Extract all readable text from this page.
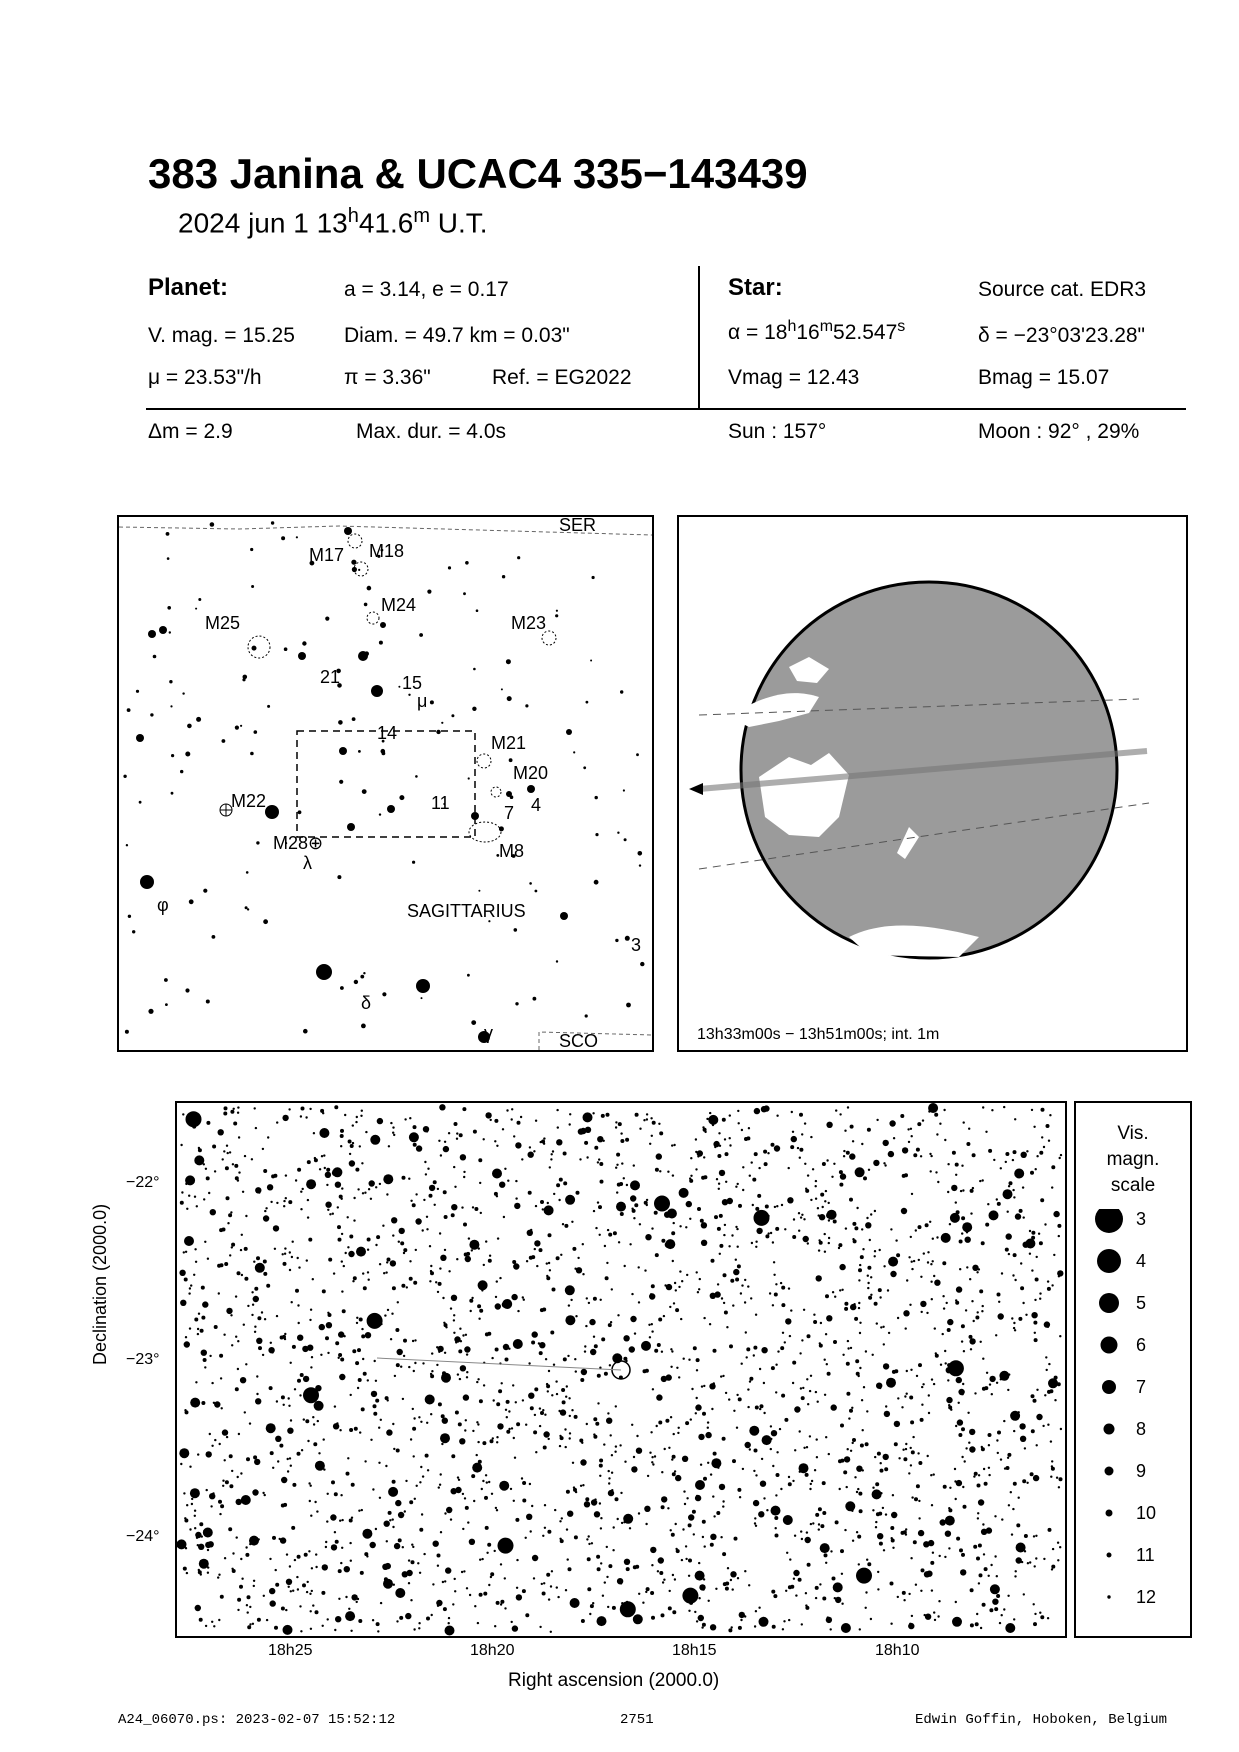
383 Janina & UCAC4 335−143439
2024 jun 1 13$^h$41.6$^m$ U.T.
Planet:	a = 3.14, e = 0.17
V. mag. = 15.25 Diam. = 49.7 km = 0.03"
μ = 23.53"/h	π = 3.36"	Ref. = EG2022
Star:	Source cat. EDR3
$\alpha = 18^h16^m52.547^s$	δ = −23°03'23.28"
Vmag = 12.43	Bmag = 15.07
Δm = 2.9	Max. dur. = 4.0s	Sun : 157°	Moon : 92° , 29%
M17 M18
M24
M25	M23
21	15
μ
14	M21
M20
M22	11	7 4
M28⊕	M8
λ
φ	SAGITTARIUS
3
δ
γ
SER
SCO	13h33m00s − 13h51m00s; int. 1m
Declination (2000.0)
Right ascension (2000.0)
−22°
−23°
−24°
18h25	18h20	18h15	18h10
Vis.
magn.
scale
3
4
5
6
7
8
9
10
11
12
A24_06070.ps: 2023-02-07 15:52:12	2751	Edwin Goffin, Hoboken, Belgium
